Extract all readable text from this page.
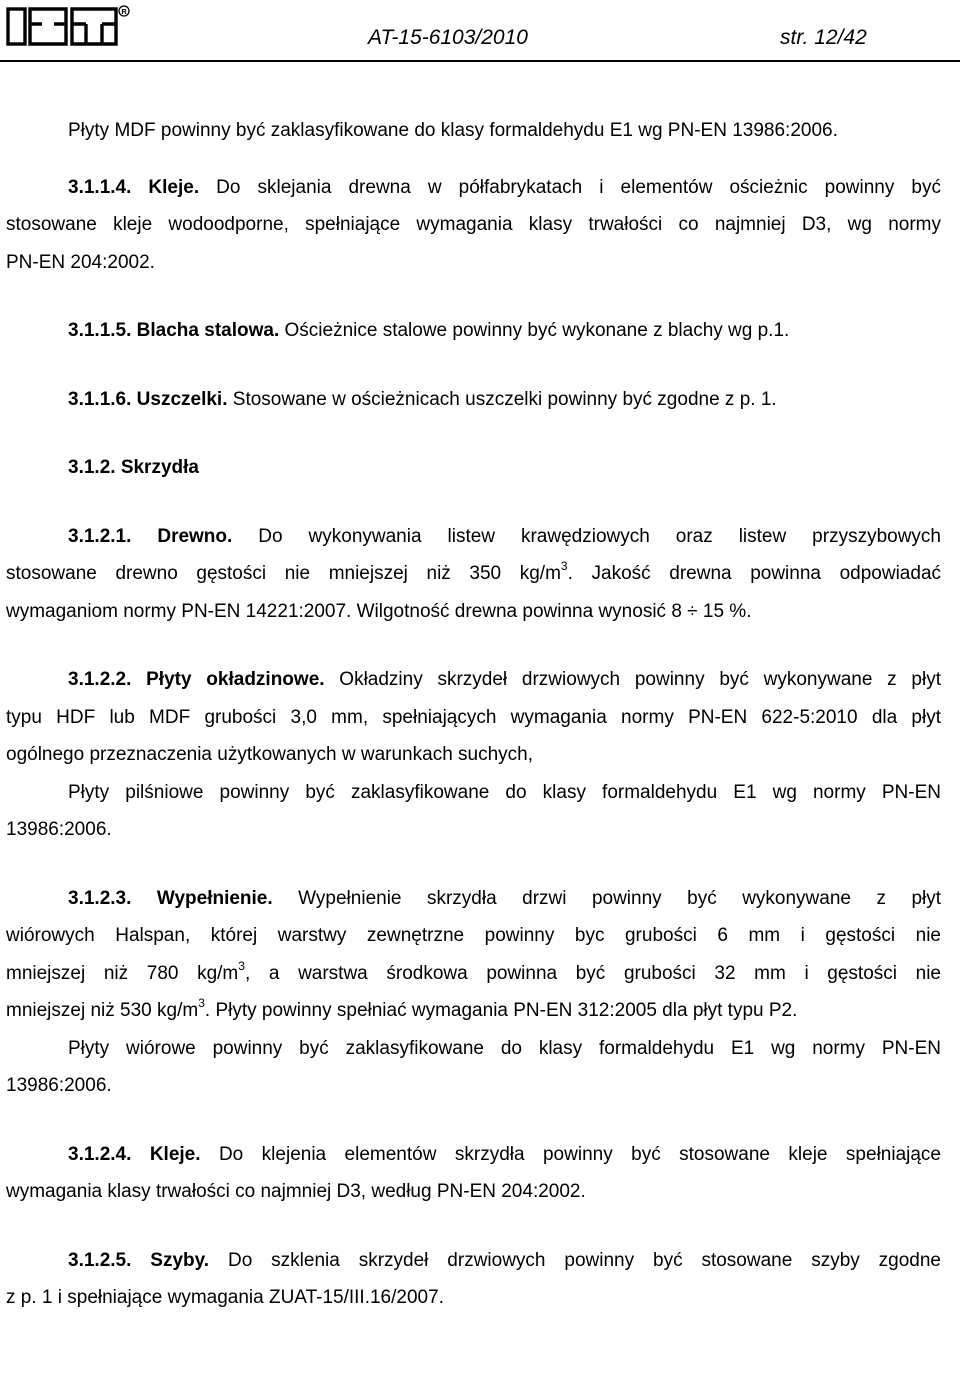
R
AT-15-6103/2010	str. 12/42

Płyty MDF powinny być zaklasyfikowane do klasy formaldehydu E1 wg PN-EN 13986:2006.

3.1.1.4. Kleje. Do sklejania drewna w półfabrykatach i elementów ościeżnic powinny być

stosowane kleje wodoodporne, spełniające wymagania klasy trwałości co najmniej D3, wg normy

PN-EN 204:2002.

3.1.1.5. Blacha stalowa. Ościeżnice stalowe powinny być wykonane z blachy wg p.1.

3.1.1.6. Uszczelki. Stosowane w ościeżnicach uszczelki powinny być zgodne z p. 1.

3.1.2. Skrzydła

3.1.2.1. Drewno. Do wykonywania listew krawędziowych oraz listew przyszybowych

stosowane drewno gęstości nie mniejszej niż 350 $kg/m^3$. Jakość drewna powinna odpowiadać

wymaganiom normy PN-EN 14221:2007. Wilgotność drewna powinna wynosić 8 ÷ 15 %.

3.1.2.2. Płyty okładzinowe. Okładziny skrzydeł drzwiowych powinny być wykonywane z płyt

typu HDF lub MDF grubości 3,0 mm, spełniających wymagania normy PN-EN 622-5:2010 dla płyt

ogólnego przeznaczenia użytkowanych w warunkach suchych,

Płyty pilśniowe powinny być zaklasyfikowane do klasy formaldehydu E1 wg normy PN-EN

13986:2006.

3.1.2.3. Wypełnienie. Wypełnienie skrzydła drzwi powinny być wykonywane z płyt

wiórowych Halspan, której warstwy zewnętrzne powinny byc grubości 6 mm i gęstości nie

mniejszej niż 780 $kg/m^3$, a warstwa środkowa powinna być grubości 32 mm i gęstości nie

mniejszej niż 530 $kg/m^3$. Płyty powinny spełniać wymagania PN-EN 312:2005 dla płyt typu P2.

Płyty wiórowe powinny być zaklasyfikowane do klasy formaldehydu E1 wg normy PN-EN

13986:2006.

3.1.2.4. Kleje. Do klejenia elementów skrzydła powinny być stosowane kleje spełniające

wymagania klasy trwałości co najmniej D3, według PN-EN 204:2002.

3.1.2.5. Szyby. Do szklenia skrzydeł drzwiowych powinny być stosowane szyby zgodne

z p. 1 i spełniające wymagania ZUAT-15/III.16/2007.
